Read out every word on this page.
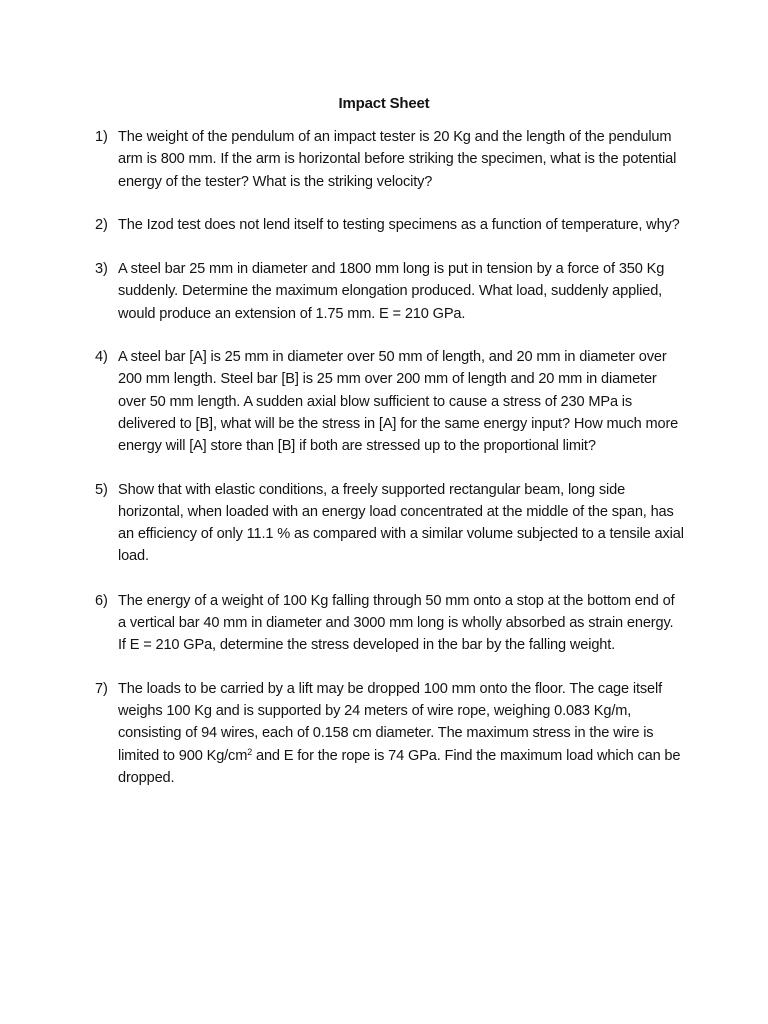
Impact Sheet
1) The weight of the pendulum of an impact tester is 20 Kg and the length of the pendulum arm is 800 mm. If the arm is horizontal before striking the specimen, what is the potential energy of the tester? What is the striking velocity?
2) The Izod test does not lend itself to testing specimens as a function of temperature, why?
3) A steel bar 25 mm in diameter and 1800 mm long is put in tension by a force of 350 Kg suddenly. Determine the maximum elongation produced. What load, suddenly applied, would produce an extension of 1.75 mm. E = 210 GPa.
4) A steel bar [A] is 25 mm in diameter over 50 mm of length, and 20 mm in diameter over 200 mm length. Steel bar [B] is 25 mm over 200 mm of length and 20 mm in diameter over 50 mm length. A sudden axial blow sufficient to cause a stress of 230 MPa is delivered to [B], what will be the stress in [A] for the same energy input? How much more energy will [A] store than [B] if both are stressed up to the proportional limit?
5) Show that with elastic conditions, a freely supported rectangular beam, long side horizontal, when loaded with an energy load concentrated at the middle of the span, has an efficiency of only 11.1 % as compared with a similar volume subjected to a tensile axial load.
6) The energy of a weight of 100 Kg falling through 50 mm onto a stop at the bottom end of a vertical bar 40 mm in diameter and 3000 mm long is wholly absorbed as strain energy. If E = 210 GPa, determine the stress developed in the bar by the falling weight.
7) The loads to be carried by a lift may be dropped 100 mm onto the floor. The cage itself weighs 100 Kg and is supported by 24 meters of wire rope, weighing 0.083 Kg/m, consisting of 94 wires, each of 0.158 cm diameter. The maximum stress in the wire is limited to 900 $Kg/cm^2$ and E for the rope is 74 GPa. Find the maximum load which can be dropped.
